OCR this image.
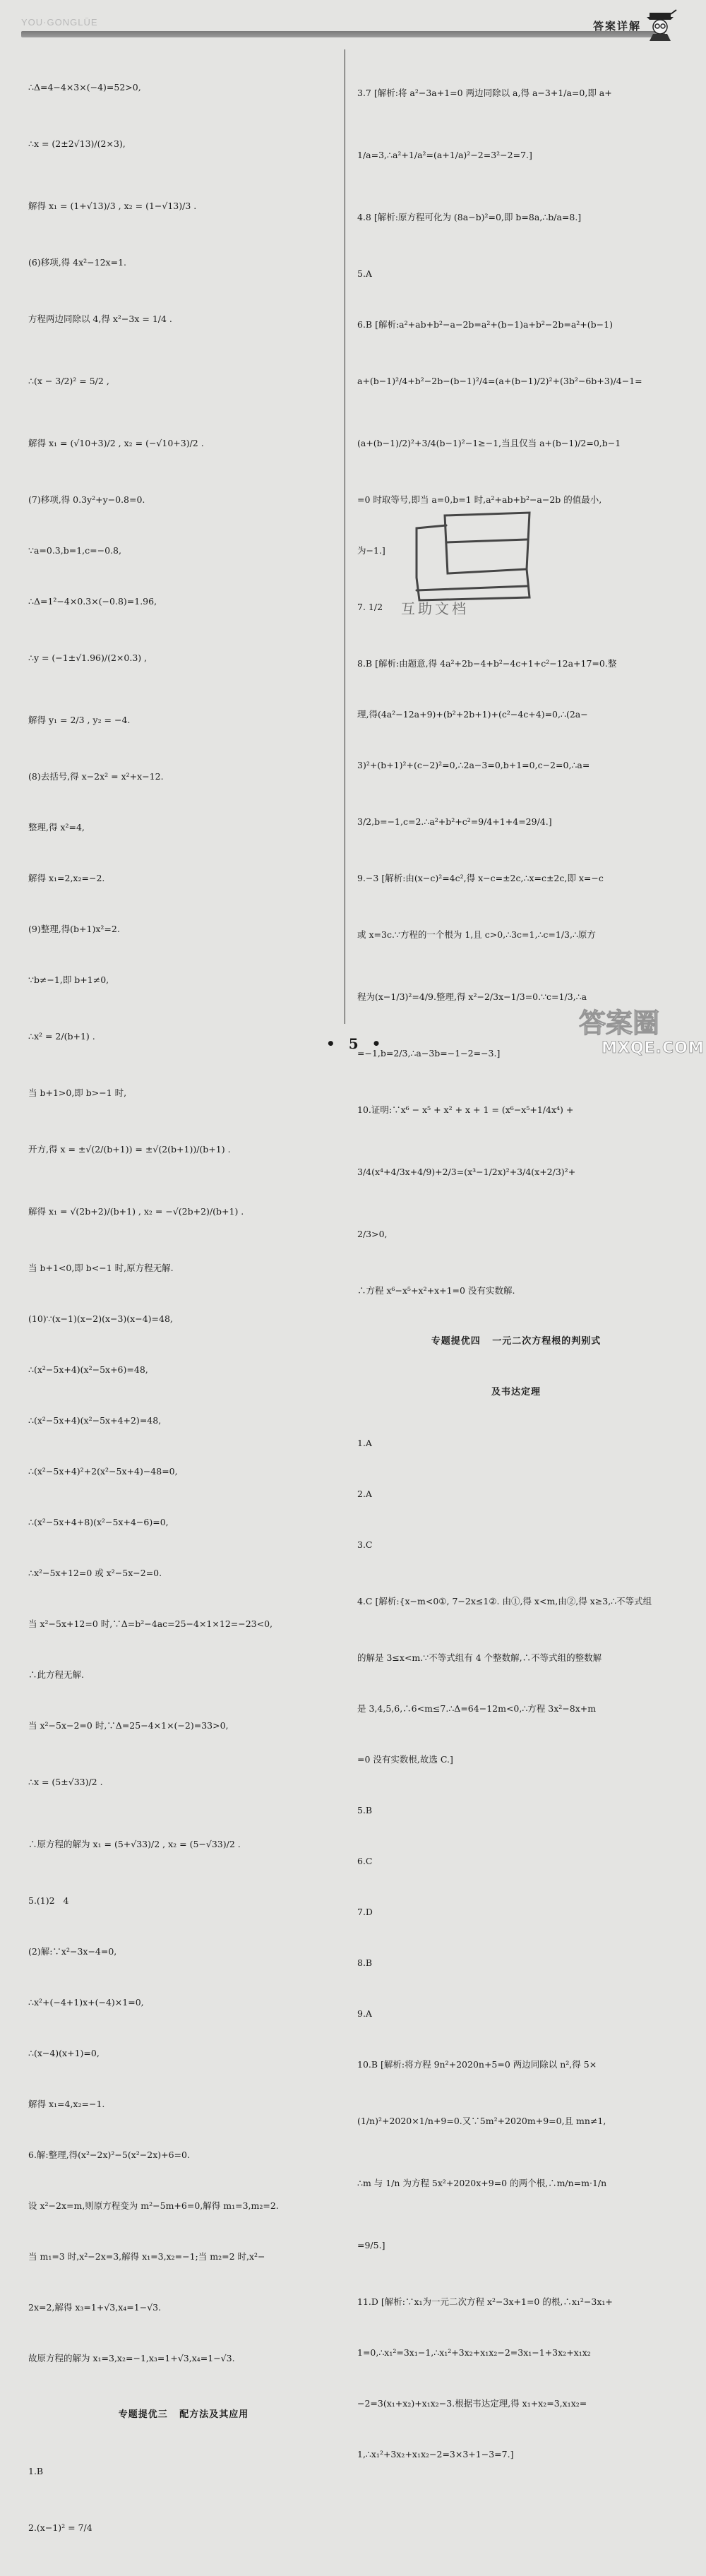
YOU·GONGLÜE	答案详解

∴Δ=4−4×3×(−4)=52>0,

∴x = (2±2√13)/(2×3),

解得 x₁ = (1+√13)/3 , x₂ = (1−√13)/3 .

(6)移项,得 4x²−12x=1.

方程两边同除以 4,得 x²−3x = 1/4 .

∴(x − 3/2)² = 5/2 ,

解得 x₁ = (√10+3)/2 , x₂ = (−√10+3)/2 .

(7)移项,得 0.3y²+y−0.8=0.

∵a=0.3,b=1,c=−0.8,

∴Δ=1²−4×0.3×(−0.8)=1.96,

∴y = (−1±√1.96)/(2×0.3) ,

解得 y₁ = 2/3 , y₂ = −4.

(8)去括号,得 x−2x² = x²+x−12.

整理,得 x²=4,

解得 x₁=2,x₂=−2.

(9)整理,得(b+1)x²=2.

∵b≠−1,即 b+1≠0,

∴x² = 2/(b+1) .

当 b+1>0,即 b>−1 时,

开方,得 x = ±√(2/(b+1)) = ±√(2(b+1))/(b+1) .

解得 x₁ = √(2b+2)/(b+1) , x₂ = −√(2b+2)/(b+1) .

当 b+1<0,即 b<−1 时,原方程无解.

(10)∵(x−1)(x−2)(x−3)(x−4)=48,

∴(x²−5x+4)(x²−5x+6)=48,

∴(x²−5x+4)(x²−5x+4+2)=48,

∴(x²−5x+4)²+2(x²−5x+4)−48=0,

∴(x²−5x+4+8)(x²−5x+4−6)=0,

∴x²−5x+12=0 或 x²−5x−2=0.

当 x²−5x+12=0 时,∵Δ=b²−4ac=25−4×1×12=−23<0,

∴此方程无解.

当 x²−5x−2=0 时,∵Δ=25−4×1×(−2)=33>0,

∴x = (5±√33)/2 .

∴原方程的解为 x₁ = (5+√33)/2 , x₂ = (5−√33)/2 .

5.(1)2   4

(2)解:∵x²−3x−4=0,

∴x²+(−4+1)x+(−4)×1=0,

∴(x−4)(x+1)=0,

解得 x₁=4,x₂=−1.

6.解:整理,得(x²−2x)²−5(x²−2x)+6=0.

设 x²−2x=m,则原方程变为 m²−5m+6=0,解得 m₁=3,m₂=2.

当 m₁=3 时,x²−2x=3,解得 x₁=3,x₂=−1;当 m₂=2 时,x²−

2x=2,解得 x₃=1+√3,x₄=1−√3.

故原方程的解为 x₁=3,x₂=−1,x₃=1+√3,x₄=1−√3.

专题提优三   配方法及其应用

1.B

2.(x−1)² = 7/4

3.7 [解析:将 a²−3a+1=0 两边同除以 a,得 a−3+1/a=0,即 a+

1/a=3,∴a²+1/a²=(a+1/a)²−2=3²−2=7.]

4.8 [解析:原方程可化为 (8a−b)²=0,即 b=8a,∴b/a=8.]

5.A

6.B [解析:a²+ab+b²−a−2b=a²+(b−1)a+b²−2b=a²+(b−1)

a+(b−1)²/4+b²−2b−(b−1)²/4=(a+(b−1)/2)²+(3b²−6b+3)/4−1=

(a+(b−1)/2)²+3/4(b−1)²−1≥−1,当且仅当 a+(b−1)/2=0,b−1

=0 时取等号,即当 a=0,b=1 时,a²+ab+b²−a−2b 的值最小,

为−1.]

7. 1/2

8.B [解析:由题意,得 4a²+2b−4+b²−4c+1+c²−12a+17=0.整

理,得(4a²−12a+9)+(b²+2b+1)+(c²−4c+4)=0,∴(2a−

3)²+(b+1)²+(c−2)²=0,∴2a−3=0,b+1=0,c−2=0,∴a=

3/2,b=−1,c=2.∴a²+b²+c²=9/4+1+4=29/4.]

9.−3 [解析:由(x−c)²=4c²,得 x−c=±2c,∴x=c±2c,即 x=−c

或 x=3c.∵方程的一个根为 1,且 c>0,∴3c=1,∴c=1/3,∴原方

程为(x−1/3)²=4/9.整理,得 x²−2/3x−1/3=0.∵c=1/3,∴a

=−1,b=2/3,∴a−3b=−1−2=−3.]

10.证明:∵x⁶ − x⁵ + x² + x + 1 = (x⁶−x⁵+1/4x⁴) +

3/4(x⁴+4/3x+4/9)+2/3=(x³−1/2x)²+3/4(x+2/3)²+

2/3>0,

∴方程 x⁶−x⁵+x²+x+1=0 没有实数解.

专题提优四   一元二次方程根的判别式

及韦达定理

1.A

2.A

3.C

4.C [解析:{x−m<0①, 7−2x≤1②. 由①,得 x<m,由②,得 x≥3,∴不等式组

的解是 3≤x<m.∵不等式组有 4 个整数解,∴不等式组的整数解

是 3,4,5,6,∴6<m≤7.∴Δ=64−12m<0,∴方程 3x²−8x+m

=0 没有实数根,故选 C.]

5.B

6.C

7.D

8.B

9.A

10.B [解析:将方程 9n²+2020n+5=0 两边同除以 n²,得 5×

(1/n)²+2020×1/n+9=0.又∵5m²+2020m+9=0,且 mn≠1,

∴m 与 1/n 为方程 5x²+2020x+9=0 的两个根,∴m/n=m·1/n

=9/5.]

11.D [解析:∵x₁为一元二次方程 x²−3x+1=0 的根,∴x₁²−3x₁+

1=0,∴x₁²=3x₁−1,∴x₁²+3x₂+x₁x₂−2=3x₁−1+3x₂+x₁x₂

−2=3(x₁+x₂)+x₁x₂−3.根据韦达定理,得 x₁+x₂=3,x₁x₂=

1,∴x₁²+3x₂+x₁x₂−2=3×3+1−3=7.]

互助文档
• 5 •
答案圈
MXQE.COM
